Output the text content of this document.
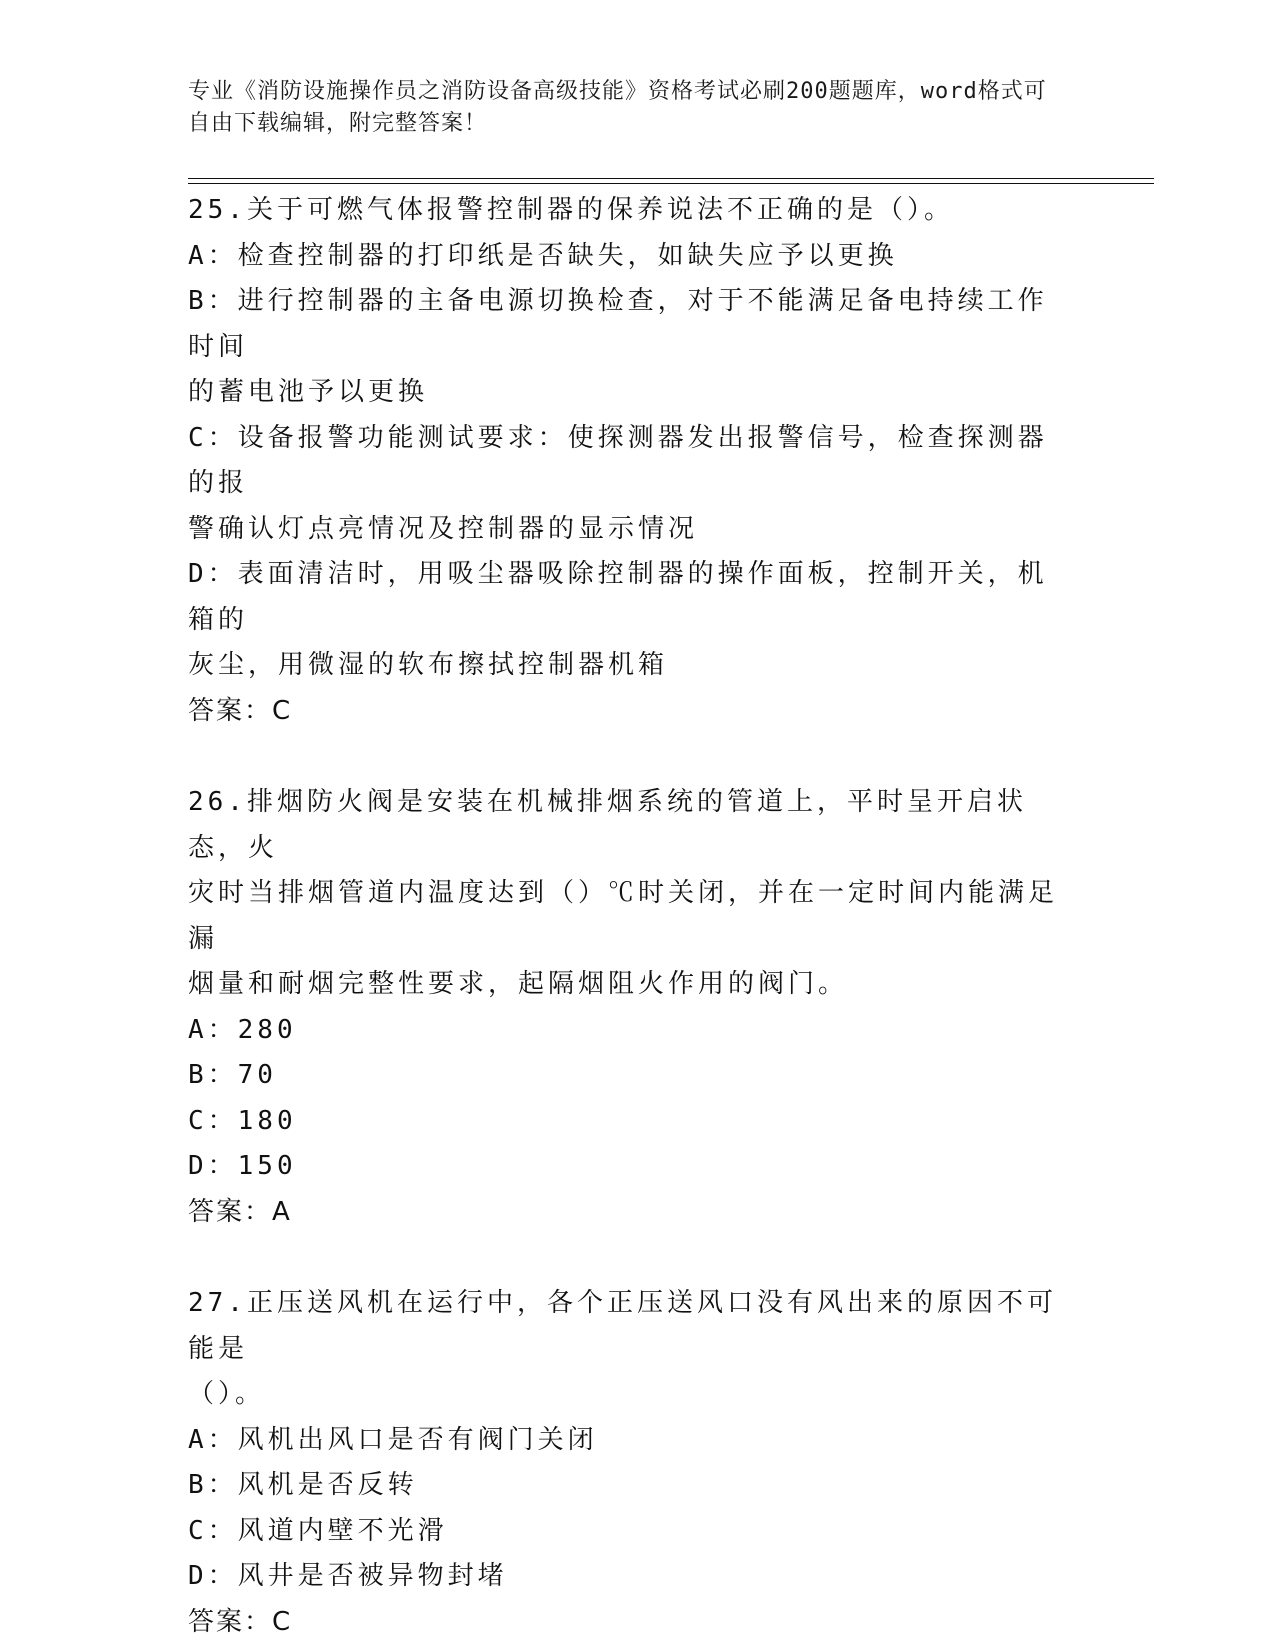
专业《消防设施操作员之消防设备高级技能》资格考试必刷200题题库，word格式可自由下载编辑，附完整答案！
25.关于可燃气体报警控制器的保养说法不正确的是（）。
A：检查控制器的打印纸是否缺失，如缺失应予以更换
B：进行控制器的主备电源切换检查，对于不能满足备电持续工作时间
的蓄电池予以更换
C：设备报警功能测试要求：使探测器发出报警信号，检查探测器的报
警确认灯点亮情况及控制器的显示情况
D：表面清洁时，用吸尘器吸除控制器的操作面板，控制开关，机箱的
灰尘，用微湿的软布擦拭控制器机箱
答案：C
26.排烟防火阀是安装在机械排烟系统的管道上，平时呈开启状态，火
灾时当排烟管道内温度达到（）℃时关闭，并在一定时间内能满足漏
烟量和耐烟完整性要求，起隔烟阻火作用的阀门。
A：280
B：70
C：180
D：150
答案：A
27.正压送风机在运行中，各个正压送风口没有风出来的原因不可能是
（）。
A：风机出风口是否有阀门关闭
B：风机是否反转
C：风道内壁不光滑
D：风井是否被异物封堵
答案：C
